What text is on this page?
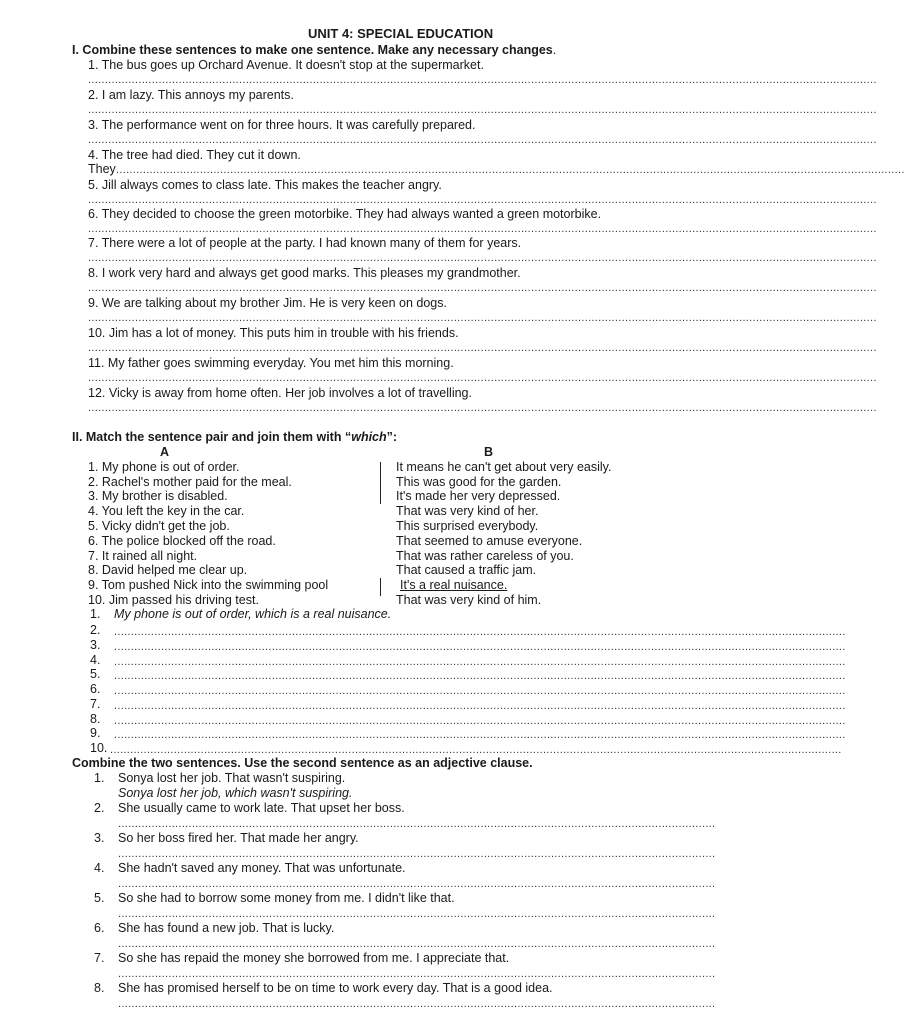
UNIT 4: SPECIAL EDUCATION
I. Combine these sentences to make one sentence. Make any necessary changes.
1. The bus goes up Orchard Avenue. It doesn't stop at the supermarket.
...........................................................................................................................................................................................................................................
2. I am lazy. This annoys my parents.
...........................................................................................................................................................................................................................................
3. The performance went on for three hours. It was carefully prepared.
...........................................................................................................................................................................................................................................
4. The tree had died. They cut it down.
They ...........................................................................................................................................................................................................................................
5. Jill always comes to class late. This makes the teacher angry.
...........................................................................................................................................................................................................................................
6. They decided to choose the green motorbike. They had always wanted a green motorbike.
...........................................................................................................................................................................................................................................
7. There were a lot of people at the party. I had known many of them for years.
...........................................................................................................................................................................................................................................
8. I work very hard and always get good marks. This pleases my grandmother.
...........................................................................................................................................................................................................................................
9. We are talking about my brother Jim. He is very keen on dogs.
...........................................................................................................................................................................................................................................
10. Jim has a lot of money. This puts him in trouble with his friends.
...........................................................................................................................................................................................................................................
11. My father goes swimming everyday. You met him this morning.
...........................................................................................................................................................................................................................................
12. Vicky is away from home often. Her job involves a lot of travelling.
...........................................................................................................................................................................................................................................
II. Match the sentence pair and join them with “which”:
A	B
1. My phone is out of order.
2. Rachel's mother paid for the meal.
3. My brother is disabled.
4. You left the key in the car.
5. Vicky didn't get the job.
6. The police blocked off the road.
7. It rained all night.
8. David helped me clear up.
9. Tom pushed Nick into the swimming pool
10. Jim passed his driving test.
It means he can't get about very easily.
This was good for the garden.
It's made her very depressed.
That was very kind of her.
This surprised everybody.
That seemed to amuse everyone.
That was rather careless of you.
That caused a traffic jam.
It's a real nuisance.
That was very kind of him.
1. My phone is out of order, which is a real nuisance.
2. ..........................................................................................................................................................................................................................
3. ..........................................................................................................................................................................................................................
4. ..........................................................................................................................................................................................................................
5. ..........................................................................................................................................................................................................................
6. ..........................................................................................................................................................................................................................
7. ..........................................................................................................................................................................................................................
8. ..........................................................................................................................................................................................................................
9. ..........................................................................................................................................................................................................................
10. ..........................................................................................................................................................................................................................
Combine the two sentences. Use the second sentence as an adjective clause.
1. Sonya lost her job. That wasn't suspiring.
Sonya lost her job, which wasn't suspiring.
2. She usually came to work late. That upset her boss.
..................................................................................................................................................................................
3. So her boss fired her. That made her angry.
..................................................................................................................................................................................
4. She hadn't saved any money. That was unfortunate.
..................................................................................................................................................................................
5. So she had to borrow some money from me. I didn't like that.
..................................................................................................................................................................................
6. She has found a new job. That is lucky.
..................................................................................................................................................................................
7. So she has repaid the money she borrowed from me. I appreciate that.
..................................................................................................................................................................................
8. She has promised herself to be on time to work every day. That is a good idea.
..................................................................................................................................................................................
